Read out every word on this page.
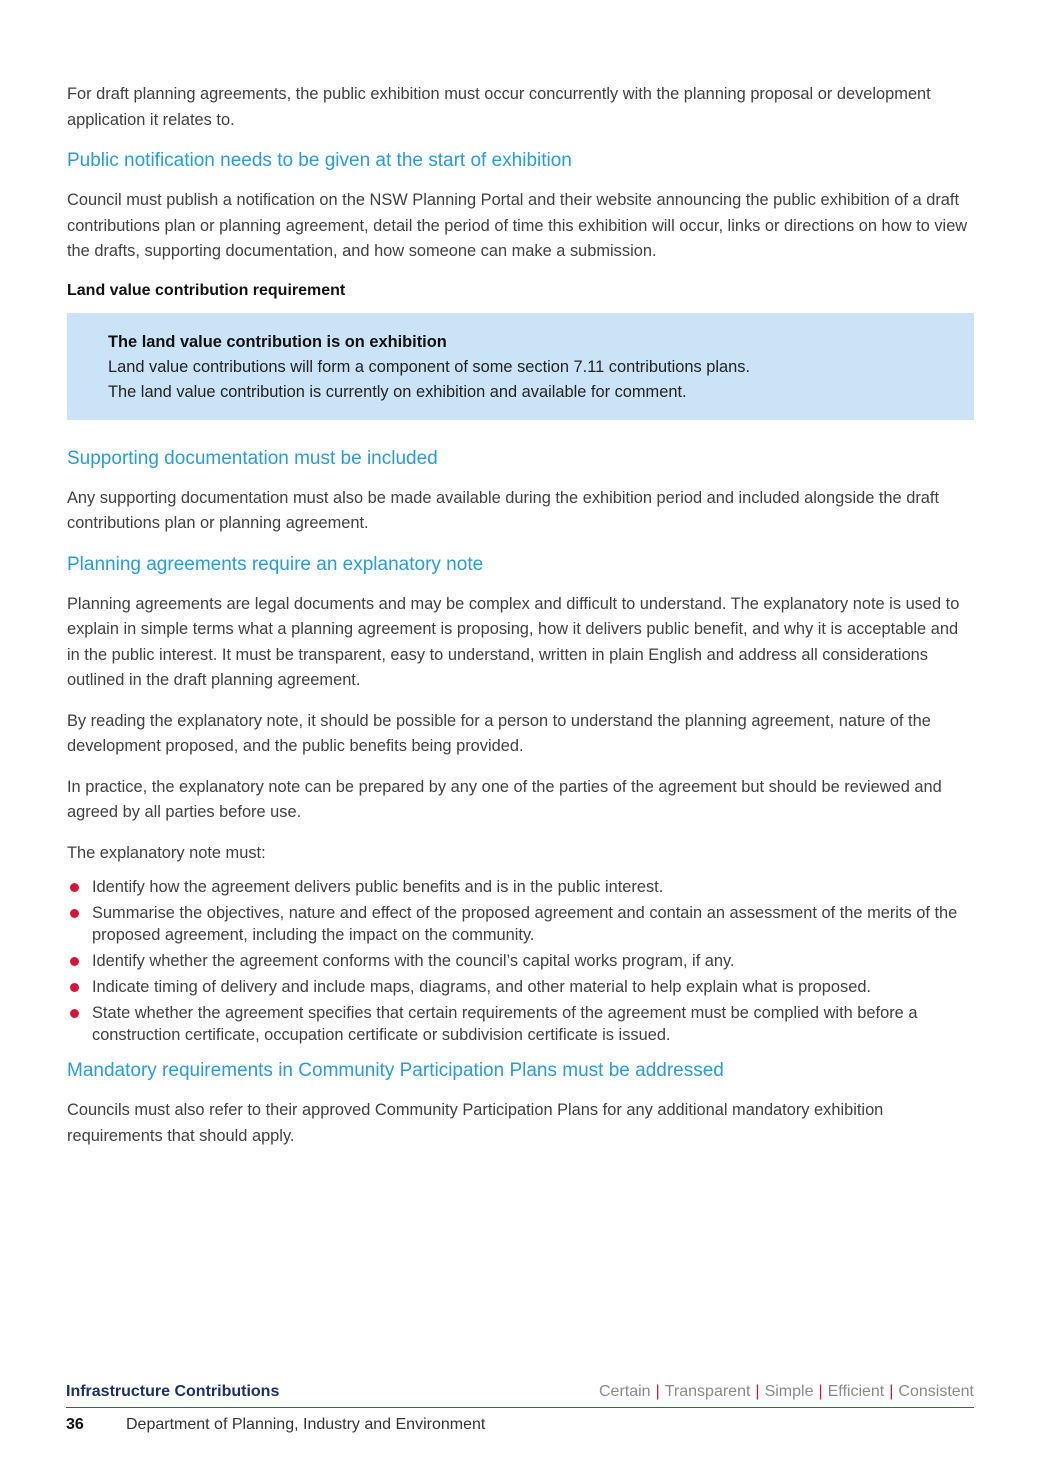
For draft planning agreements, the public exhibition must occur concurrently with the planning proposal or development application it relates to.

Public notification needs to be given at the start of exhibition

Council must publish a notification on the NSW Planning Portal and their website announcing the public exhibition of a draft contributions plan or planning agreement, detail the period of time this exhibition will occur, links or directions on how to view the drafts, supporting documentation, and how someone can make a submission.

Land value contribution requirement
The land value contribution is on exhibition
Land value contributions will form a component of some section 7.11 contributions plans.
The land value contribution is currently on exhibition and available for comment.
Supporting documentation must be included

Any supporting documentation must also be made available during the exhibition period and included alongside the draft contributions plan or planning agreement.

Planning agreements require an explanatory note

Planning agreements are legal documents and may be complex and difficult to understand. The explanatory note is used to explain in simple terms what a planning agreement is proposing, how it delivers public benefit, and why it is acceptable and in the public interest. It must be transparent, easy to understand, written in plain English and address all considerations outlined in the draft planning agreement.

By reading the explanatory note, it should be possible for a person to understand the planning agreement, nature of the development proposed, and the public benefits being provided.

In practice, the explanatory note can be prepared by any one of the parties of the agreement but should be reviewed and agreed by all parties before use.

The explanatory note must:

Identify how the agreement delivers public benefits and is in the public interest.
Summarise the objectives, nature and effect of the proposed agreement and contain an assessment of the merits of the proposed agreement, including the impact on the community.
Identify whether the agreement conforms with the council’s capital works program, if any.
Indicate timing of delivery and include maps, diagrams, and other material to help explain what is proposed.
State whether the agreement specifies that certain requirements of the agreement must be complied with before a construction certificate, occupation certificate or subdivision certificate is issued.
Mandatory requirements in Community Participation Plans must be addressed

Councils must also refer to their approved Community Participation Plans for any additional mandatory exhibition requirements that should apply.

Infrastructure Contributions	Certain | Transparent | Simple | Efficient | Consistent
36	Department of Planning, Industry and Environment
